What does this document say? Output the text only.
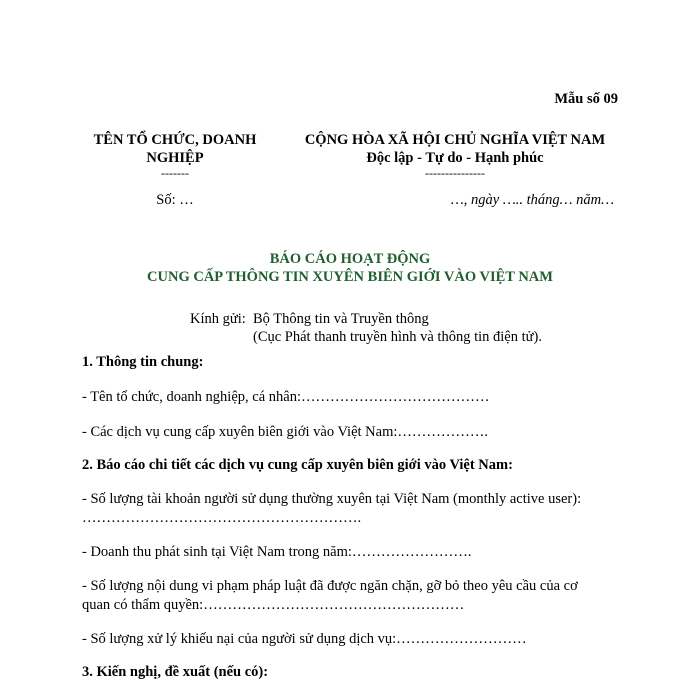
Mẫu số 09
TÊN TỔ CHỨC, DOANH
NGHIỆP
-------
Số: …
CỘNG HÒA XÃ HỘI CHỦ NGHĨA VIỆT NAM
Độc lập - Tự do - Hạnh phúc
---------------
…, ngày ….. tháng… năm…
BÁO CÁO HOẠT ĐỘNG
CUNG CẤP THÔNG TIN XUYÊN BIÊN GIỚI VÀO VIỆT NAM
Kính gửi: Bộ Thông tin và Truyền thông
(Cục Phát thanh truyền hình và thông tin điện tử).
1. Thông tin chung:
- Tên tổ chức, doanh nghiệp, cá nhân:…………………………………
- Các dịch vụ cung cấp xuyên biên giới vào Việt Nam:……………….
2. Báo cáo chi tiết các dịch vụ cung cấp xuyên biên giới vào Việt Nam:
- Số lượng tài khoản người sử dụng thường xuyên tại Việt Nam (monthly active user):
………………………………………………….
- Doanh thu phát sinh tại Việt Nam trong năm:…………………….
- Số lượng nội dung vi phạm pháp luật đã được ngăn chặn, gỡ bỏ theo yêu cầu của cơ
quan có thẩm quyền:………………………………………………
- Số lượng xử lý khiếu nại của người sử dụng dịch vụ:………………………
3. Kiến nghị, đề xuất (nếu có):
